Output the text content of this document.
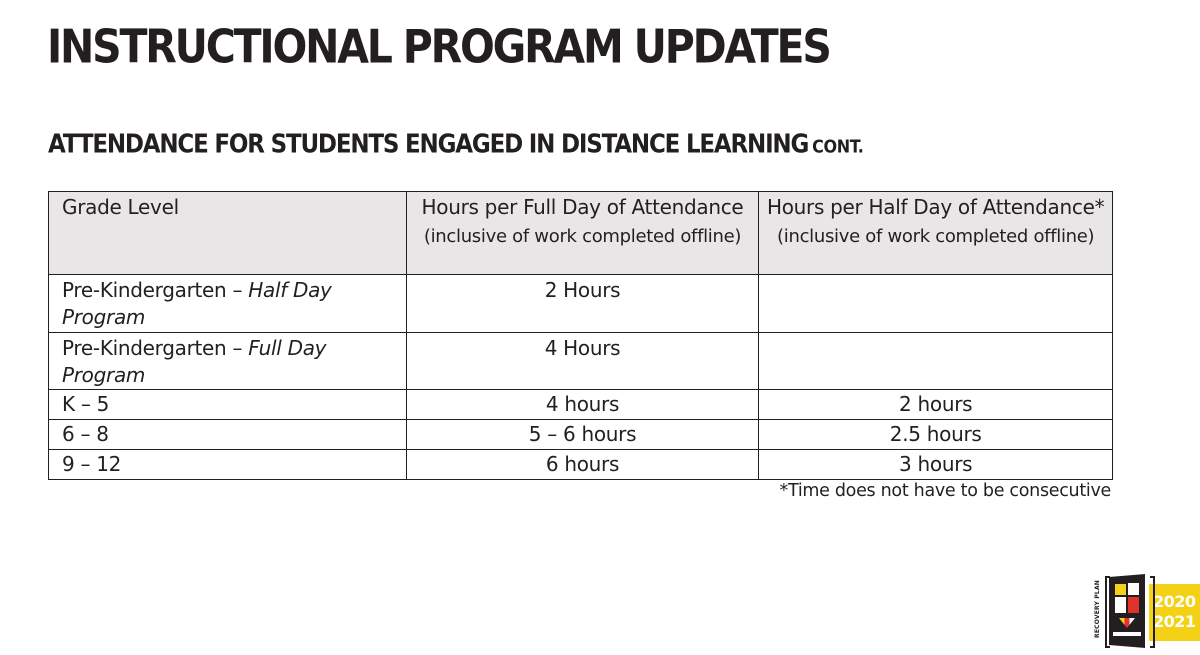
INSTRUCTIONAL PROGRAM UPDATES
ATTENDANCE FOR STUDENTS ENGAGED IN DISTANCE LEARNING CONT.
Grade Level	Hours per Full Day of Attendance (inclusive of work completed offline)	Hours per Half Day of Attendance* (inclusive of work completed offline)
Pre-Kindergarten – Half Day Program	2 Hours	
Pre-Kindergarten – Full Day Program	4 Hours	
K – 5	4 hours	2 hours
6 – 8	5 – 6 hours	2.5 hours
9 – 12	6 hours	3 hours
*Time does not have to be consecutive
RECOVERY PLAN	2020
2021
